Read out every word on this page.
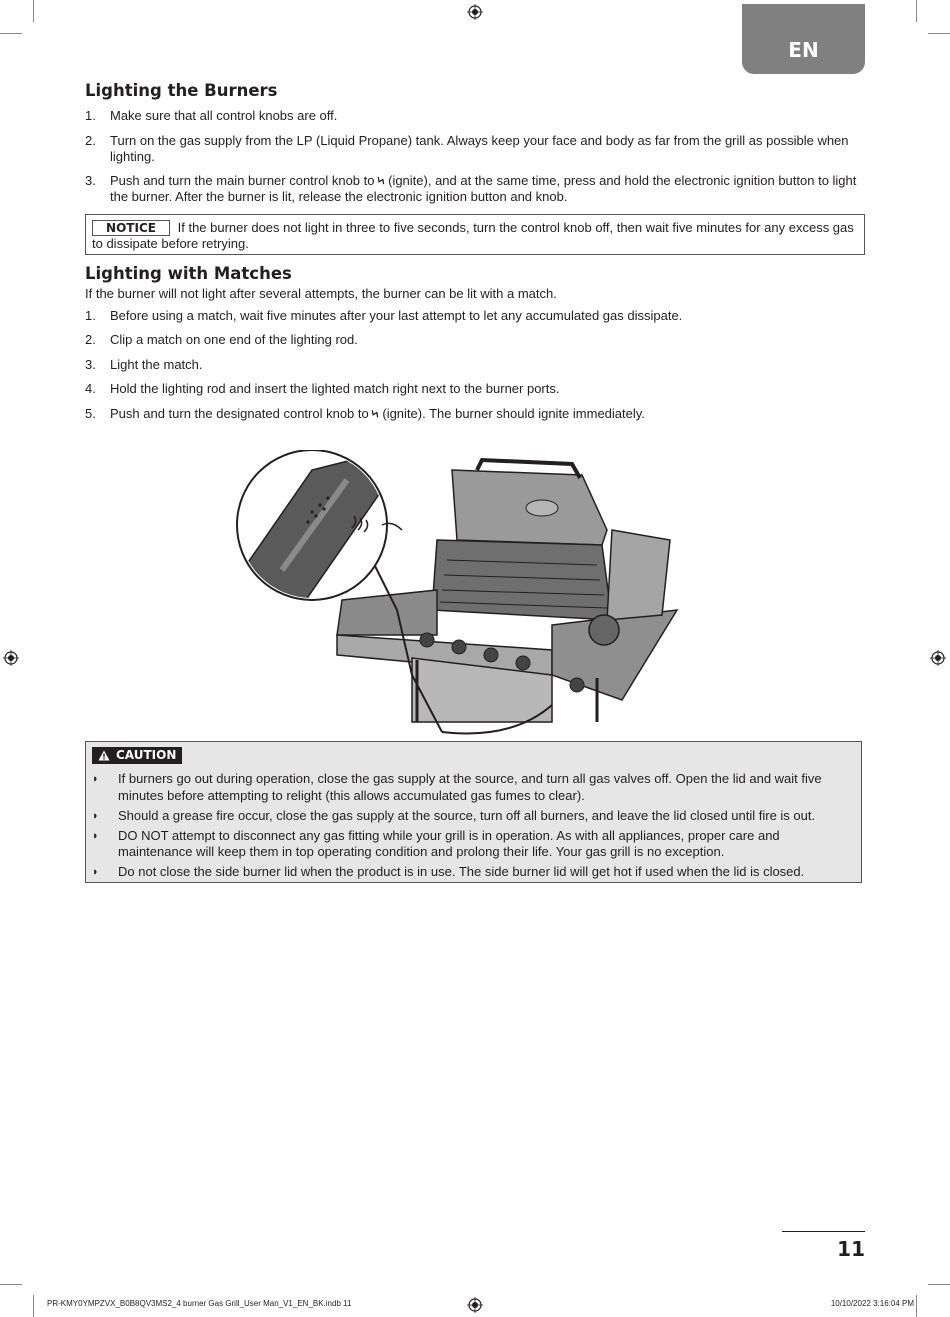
EN
Lighting the Burners
1. Make sure that all control knobs are off.
2. Turn on the gas supply from the LP (Liquid Propane) tank. Always keep your face and body as far from the grill as possible when lighting.
3. Push and turn the main burner control knob to ϟ (ignite), and at the same time, press and hold the electronic ignition button to light the burner. After the burner is lit, release the electronic ignition button and knob.
NOTICE If the burner does not light in three to five seconds, turn the control knob off, then wait five minutes for any excess gas to dissipate before retrying.
Lighting with Matches

If the burner will not light after several attempts, the burner can be lit with a match.

1. Before using a match, wait five minutes after your last attempt to let any accumulated gas dissipate.
2. Clip a match on one end of the lighting rod.
3. Light the match.
4. Hold the lighting rod and insert the lighted match right next to the burner ports.
5. Push and turn the designated control knob to ϟ (ignite). The burner should ignite immediately.
CAUTION
◗ If burners go out during operation, close the gas supply at the source, and turn all gas valves off. Open the lid and wait five minutes before attempting to relight (this allows accumulated gas fumes to clear).
◗ Should a grease fire occur, close the gas supply at the source, turn off all burners, and leave the lid closed until fire is out.
◗ DO NOT attempt to disconnect any gas fitting while your grill is in operation. As with all appliances, proper care and maintenance will keep them in top operating condition and prolong their life. Your gas grill is no exception.
◗ Do not close the side burner lid when the product is in use. The side burner lid will get hot if used when the lid is closed.
11
PR-KMY0YMPZVX_B0B8QV3MS2_4 burner Gas Grill_User Man_V1_EN_BK.indb 11	10/10/2022 3:16:04 PM
